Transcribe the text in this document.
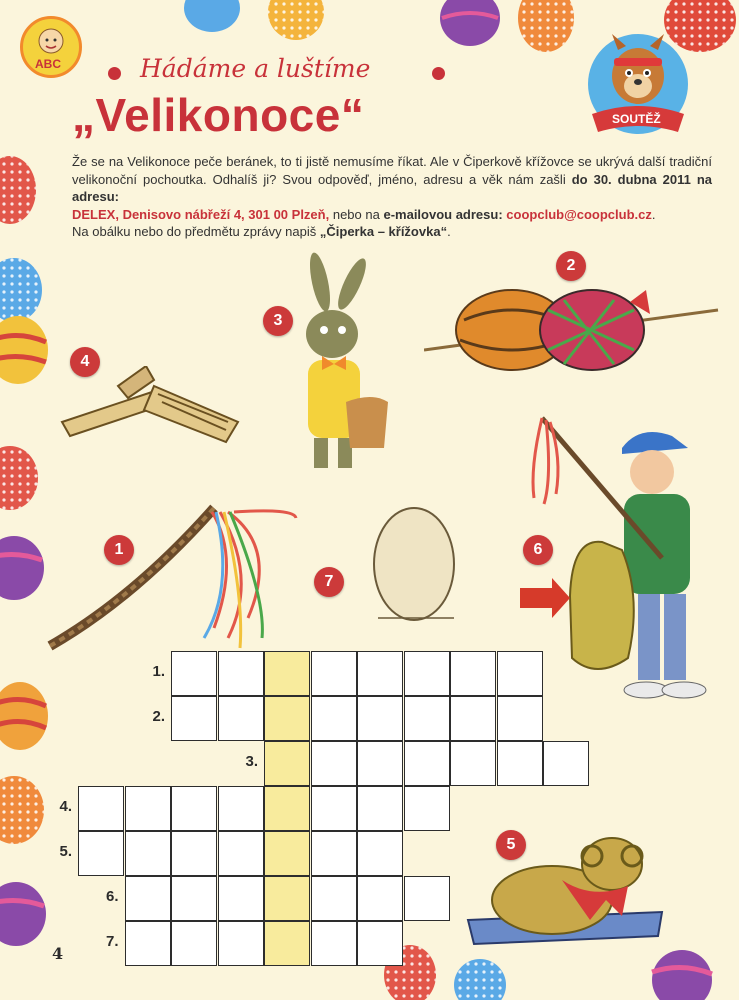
ABC	Hádáme a luštíme
„Velikonoce“	SOUTĚŽ
Že se na Velikonoce peče beránek, to ti jistě nemusíme říkat. Ale v Čiperkově křížovce se ukrývá další tradiční velikonoční pochoutka. Odhalíš ji? Svou odpověď, jméno, adresu a věk nám zašli do 30. dubna 2011 na adresu:
DELEX, Denisovo nábřeží 4, 301 00 Plzeň, nebo na e-mailovou adresu: coopclub@coopclub.cz.
Na obálku nebo do předmětu zprávy napiš „Čiperka – křížovka“.
3
2
4
1
7
6
5
1.
2.
3.
4.
5.
6.
7.
4
